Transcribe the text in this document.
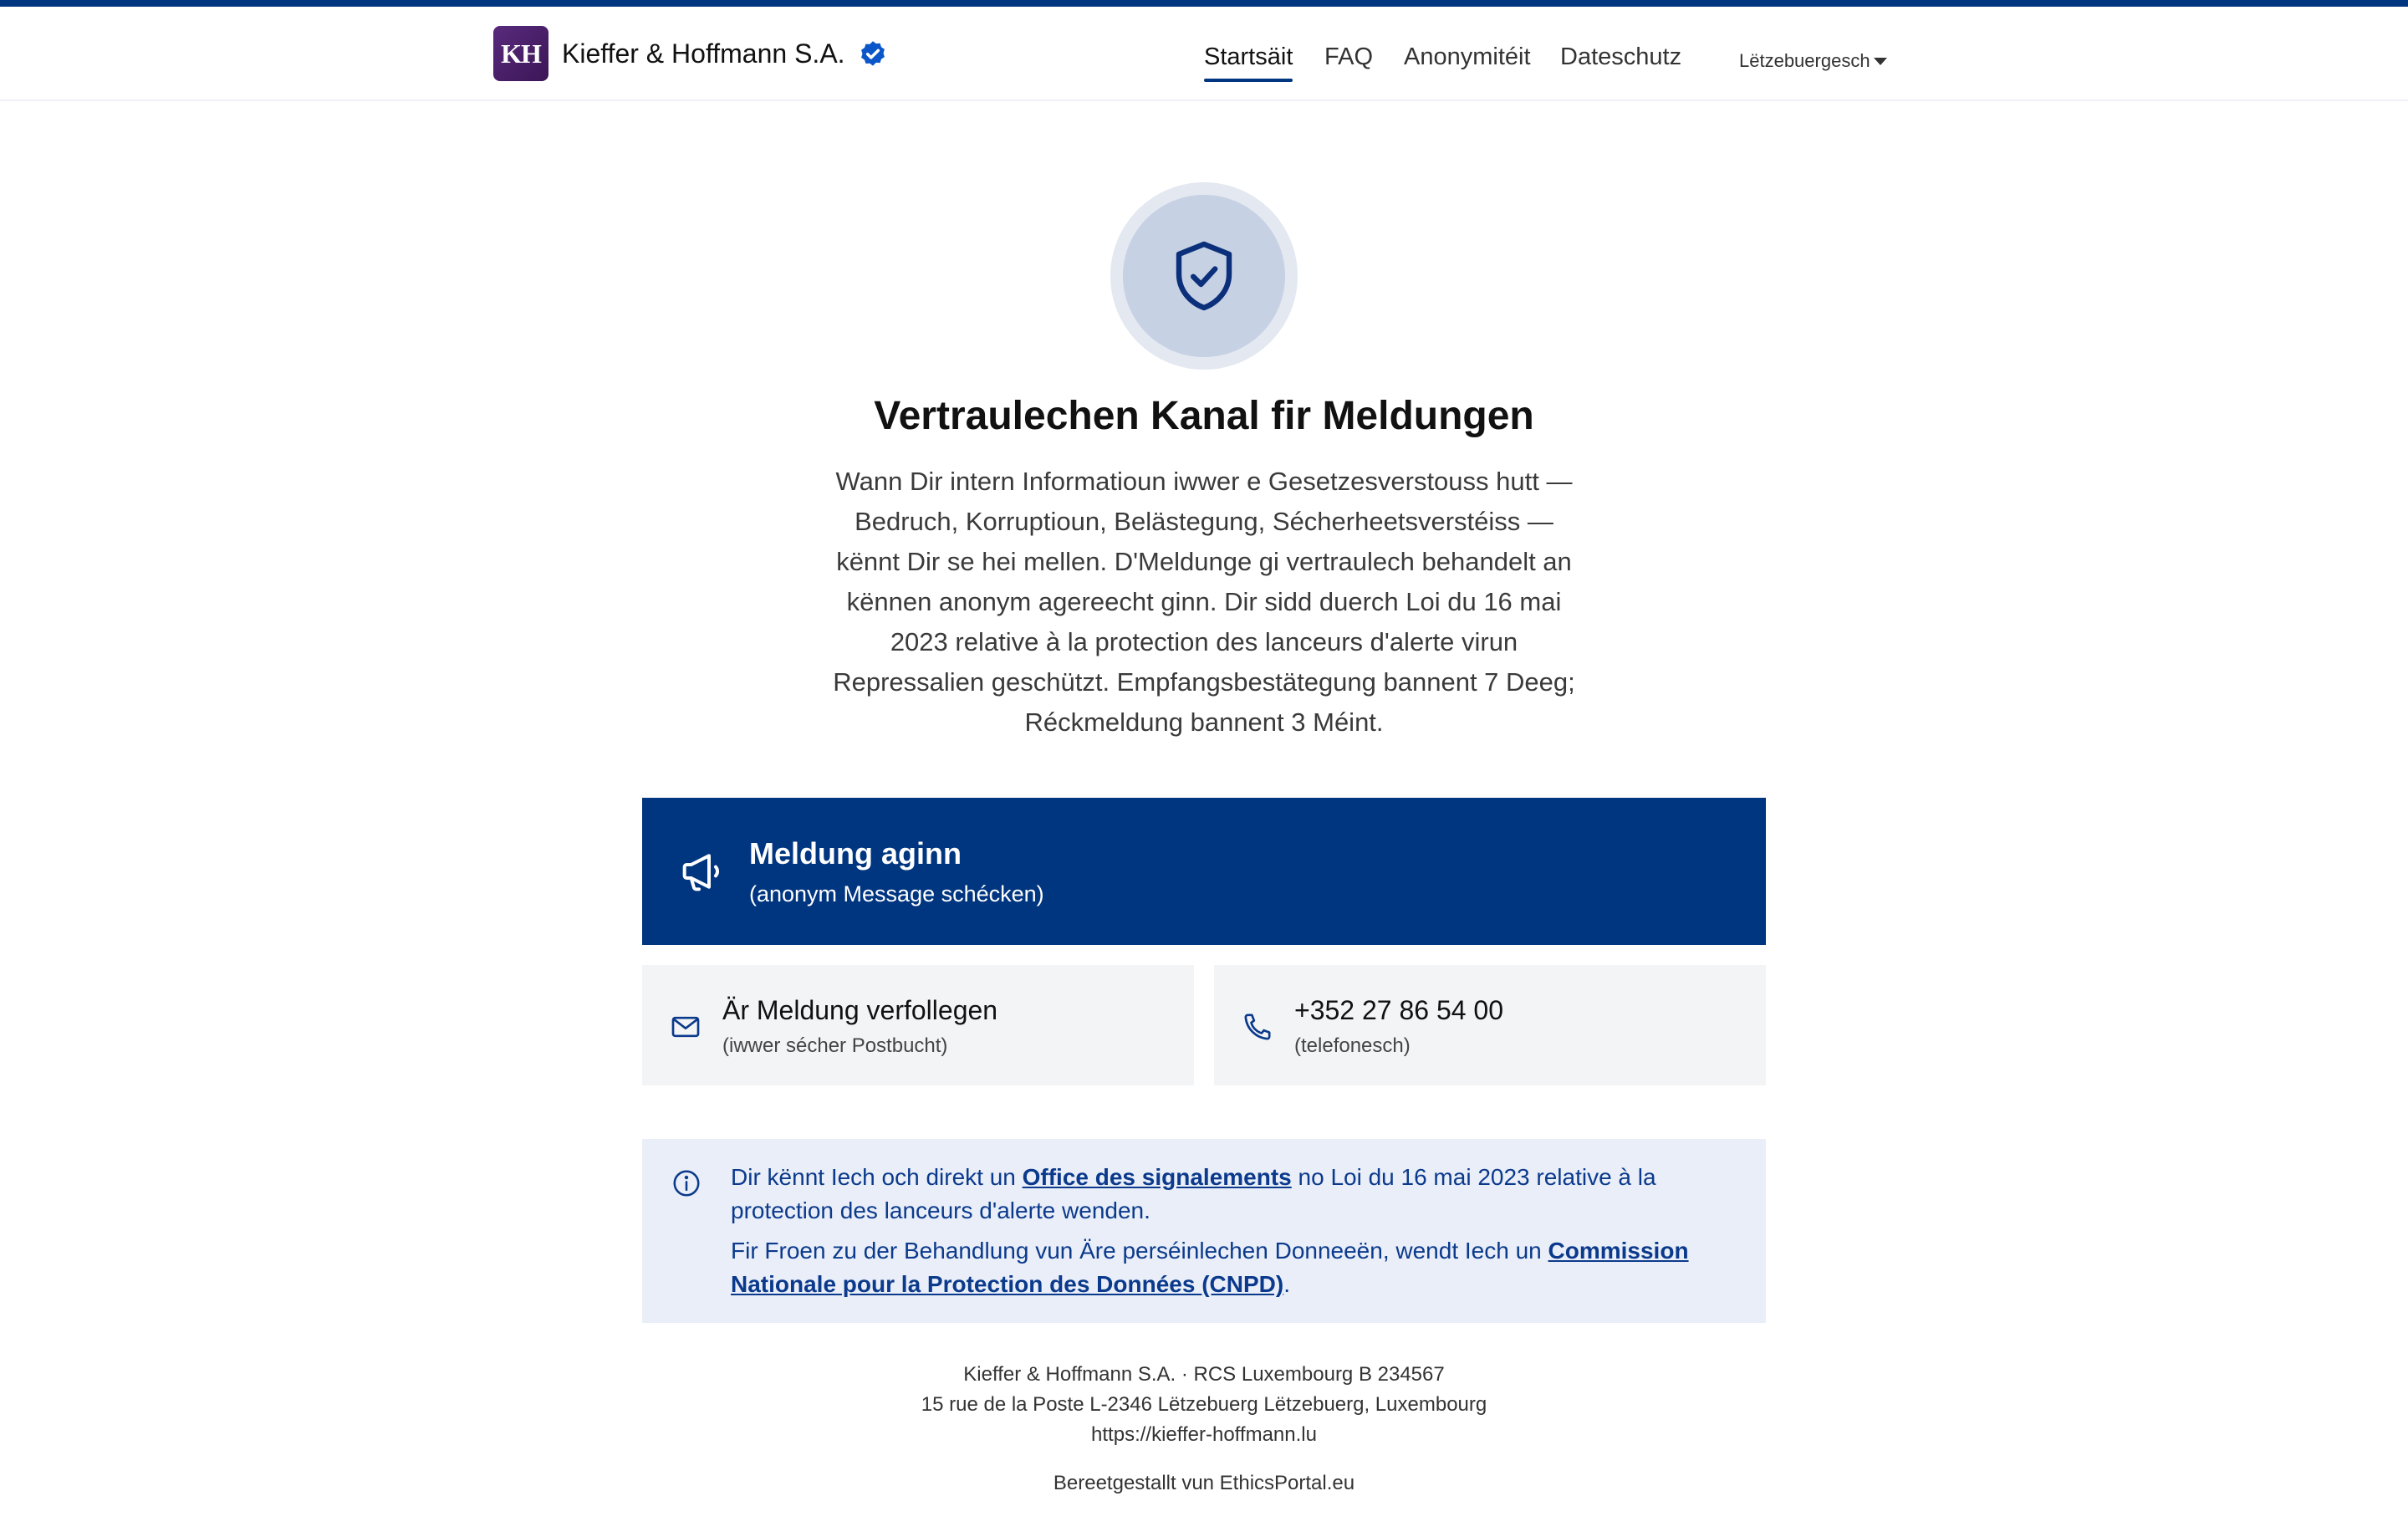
KH Kieffer & Hoffmann S.A.	Startsäit FAQ Anonymitéit Dateschutz	Lëtzebuergesch
Vertraulechen Kanal fir Meldungen

Wann Dir intern Informatioun iwwer e Gesetzesverstouss hutt — Bedruch, Korruptioun, Belästegung, Sécherheetsverstéiss — kënnt Dir se hei mellen. D'Meldunge gi vertraulech behandelt an kënnen anonym agereecht ginn. Dir sidd duerch Loi du 16 mai 2023 relative à la protection des lanceurs d'alerte virun Repressalien geschützt. Empfangsbestätegung bannent 7 Deeg; Réckmeldung bannent 3 Méint.

Meldung aginn
(anonym Message schécken)
Är Meldung verfollegen
(iwwer sécher Postbucht)
+352 27 86 54 00
(telefonesch)

Dir kënnt Iech och direkt un Office des signalements no Loi du 16 mai 2023 relative à la protection des lanceurs d'alerte wenden.

Fir Froen zu der Behandlung vun Äre perséinlechen Donneeën, wendt Iech un Commission Nationale pour la Protection des Données (CNPD).

Kieffer & Hoffmann S.A. · RCS Luxembourg B 234567
15 rue de la Poste L-2346 Lëtzebuerg Lëtzebuerg, Luxembourg
https://kieffer-hoffmann.lu
Bereetgestallt vun EthicsPortal.eu
